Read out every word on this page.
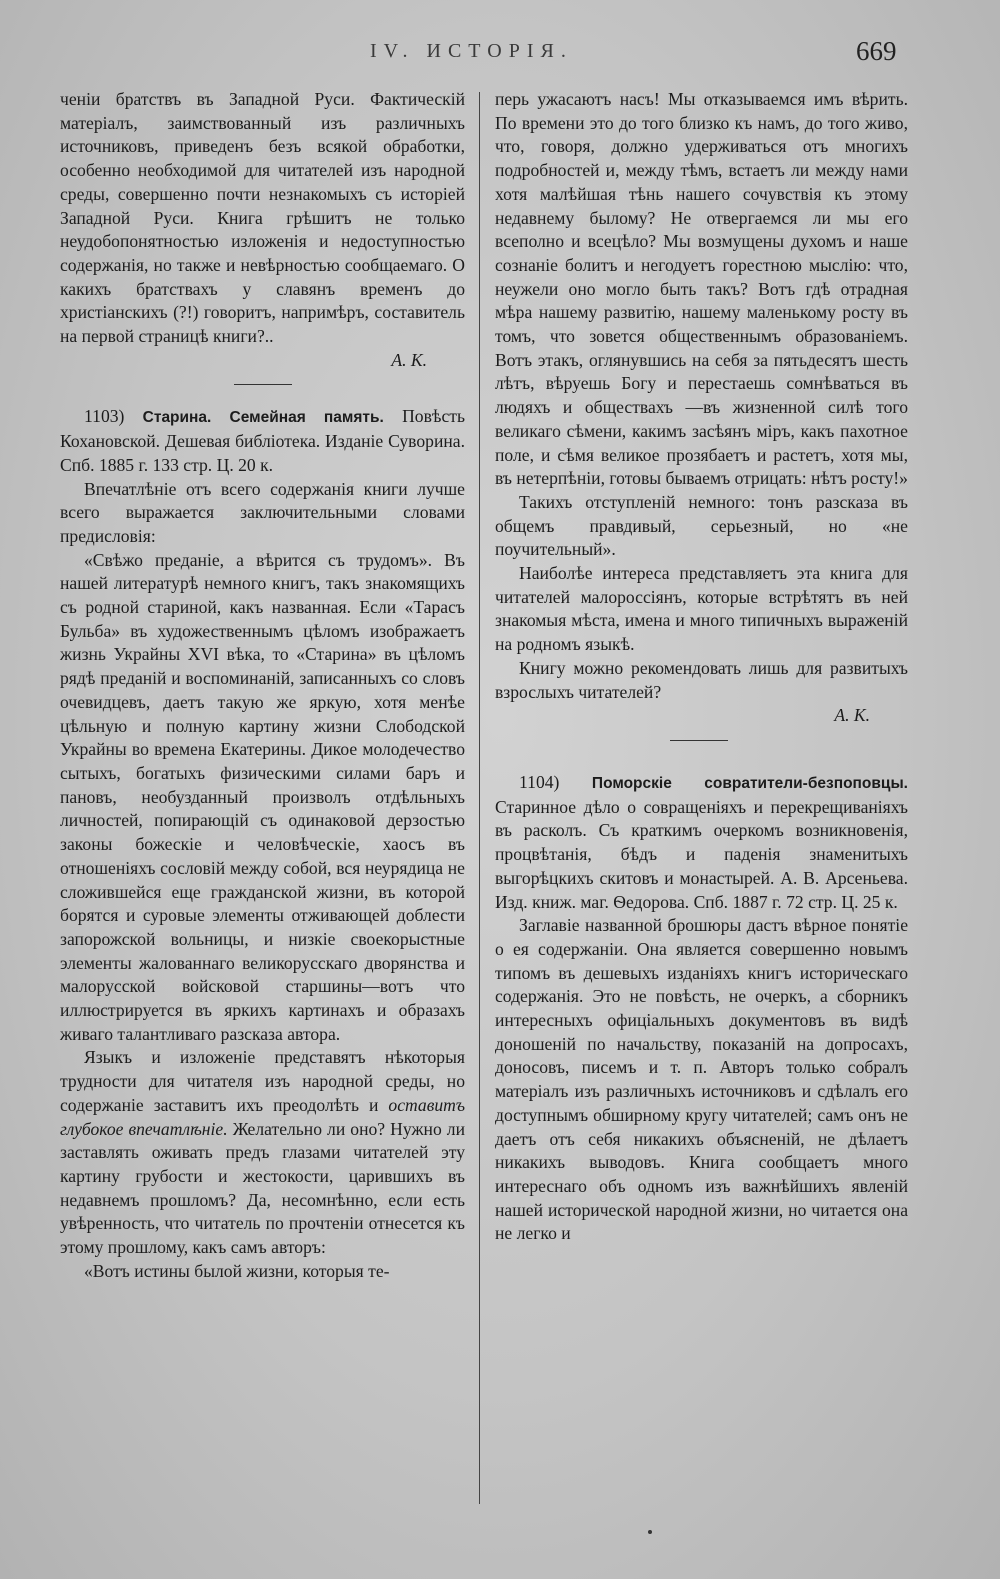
IV. ИСТОРІЯ.	669

ченіи братствъ въ Западной Руси. Фактическій матеріалъ, заимствованный изъ различныхъ источниковъ, приведенъ безъ всякой обработки, особенно необходимой для читателей изъ народной среды, совершенно почти незнакомыхъ съ исторіей Западной Руси. Книга грѣшитъ не только неудобопонятностью изложенія и недоступностью содержанія, но также и невѣрностью сообщаемаго. О какихъ братствахъ у славянъ временъ до христіанскихъ (?!) говоритъ, напримѣръ, составитель на первой страницѣ книги?..

А. К.

1103) Старина. Семейная память. Повѣсть Кохановской. Дешевая библіотека. Изданіе Суворина. Спб. 1885 г. 133 стр. Ц. 20 к.

Впечатлѣніе отъ всего содержанія книги лучше всего выражается заключительными словами предисловія:

«Свѣжо преданіе, а вѣрится съ трудомъ». Въ нашей литературѣ немного книгъ, такъ знакомящихъ съ родной стариной, какъ названная. Если «Тарасъ Бульба» въ художественнымъ цѣломъ изображаетъ жизнь Украйны XVI вѣка, то «Старина» въ цѣломъ рядѣ преданій и воспоминаній, записанныхъ со словъ очевидцевъ, даетъ такую же яркую, хотя менѣе цѣльную и полную картину жизни Слободской Украйны во времена Екатерины. Дикое молодечество сытыхъ, богатыхъ физическими силами баръ и пановъ, необузданный произволъ отдѣльныхъ личностей, попирающій съ одинаковой дерзостью законы божескіе и человѣческіе, хаосъ въ отношеніяхъ сословій между собой, вся неурядица не сложившейся еще гражданской жизни, въ которой борятся и суровые элементы отживающей доблести запорожской вольницы, и низкіе своекорыстные элементы жалованнаго великорусскаго дворянства и малорусской войсковой старшины—вотъ что иллюстрируется въ яркихъ картинахъ и образахъ живаго талантливаго разсказа автора.

Языкъ и изложеніе представятъ нѣкоторыя трудности для читателя изъ народной среды, но содержаніе заставитъ ихъ преодолѣть и оставитъ глубокое впечатлѣніе. Желательно ли оно? Нужно ли заставлять оживать предъ глазами читателей эту картину грубости и жестокости, царившихъ въ недавнемъ прошломъ? Да, несомнѣнно, если есть увѣренность, что читатель по прочтеніи отнесется къ этому прошлому, какъ самъ авторъ:

«Вотъ истины былой жизни, которыя те-

перь ужасаютъ насъ! Мы отказываемся имъ вѣрить. По времени это до того близко къ намъ, до того живо, что, говоря, должно удерживаться отъ многихъ подробностей и, между тѣмъ, встаетъ ли между нами хотя малѣйшая тѣнь нашего сочувствія къ этому недавнему былому? Не отвергаемся ли мы его всеполно и всецѣло? Мы возмущены духомъ и наше сознаніе болитъ и негодуетъ горестною мыслію: что, неужели оно могло быть такъ? Вотъ гдѣ отрадная мѣра нашему развитію, нашему маленькому росту въ томъ, что зовется общественнымъ образованіемъ. Вотъ этакъ, оглянувшись на себя за пятьдесятъ шесть лѣтъ, вѣруешь Богу и перестаешь сомнѣваться въ людяхъ и обществахъ —въ жизненной силѣ того великаго сѣмени, какимъ засѣянъ міръ, какъ пахотное поле, и сѣмя великое прозябаетъ и растетъ, хотя мы, въ нетерпѣніи, готовы бываемъ отрицать: нѣтъ росту!»

Такихъ отступленій немного: тонъ разсказа въ общемъ правдивый, серьезный, но «не поучительный».

Наиболѣе интереса представляетъ эта книга для читателей малороссіянъ, которые встрѣтятъ въ ней знакомыя мѣста, имена и много типичныхъ выраженій на родномъ языкѣ.

Книгу можно рекомендовать лишь для развитыхъ взрослыхъ читателей?

А. К.

1104) Поморскіе совратители-безпоповцы. Старинное дѣло о совращеніяхъ и перекрещиваніяхъ въ расколъ. Съ краткимъ очеркомъ возникновенія, процвѣтанія, бѣдъ и паденія знаменитыхъ выгорѣцкихъ скитовъ и монастырей. А. В. Арсеньева. Изд. книж. маг. Ѳедорова. Спб. 1887 г. 72 стр. Ц. 25 к.

Заглавіе названной брошюры дастъ вѣрное понятіе о ея содержаніи. Она является совершенно новымъ типомъ въ дешевыхъ изданіяхъ книгъ историческаго содержанія. Это не повѣсть, не очеркъ, а сборникъ интересныхъ офиціальныхъ документовъ въ видѣ доношеній по начальству, показаній на допросахъ, доносовъ, писемъ и т. п. Авторъ только собралъ матеріалъ изъ различныхъ источниковъ и сдѣлалъ его доступнымъ обширному кругу читателей; самъ онъ не даетъ отъ себя никакихъ объясненій, не дѣлаетъ никакихъ выводовъ. Книга сообщаетъ много интереснаго объ одномъ изъ важнѣйшихъ явленій нашей исторической народной жизни, но читается она не легко и
